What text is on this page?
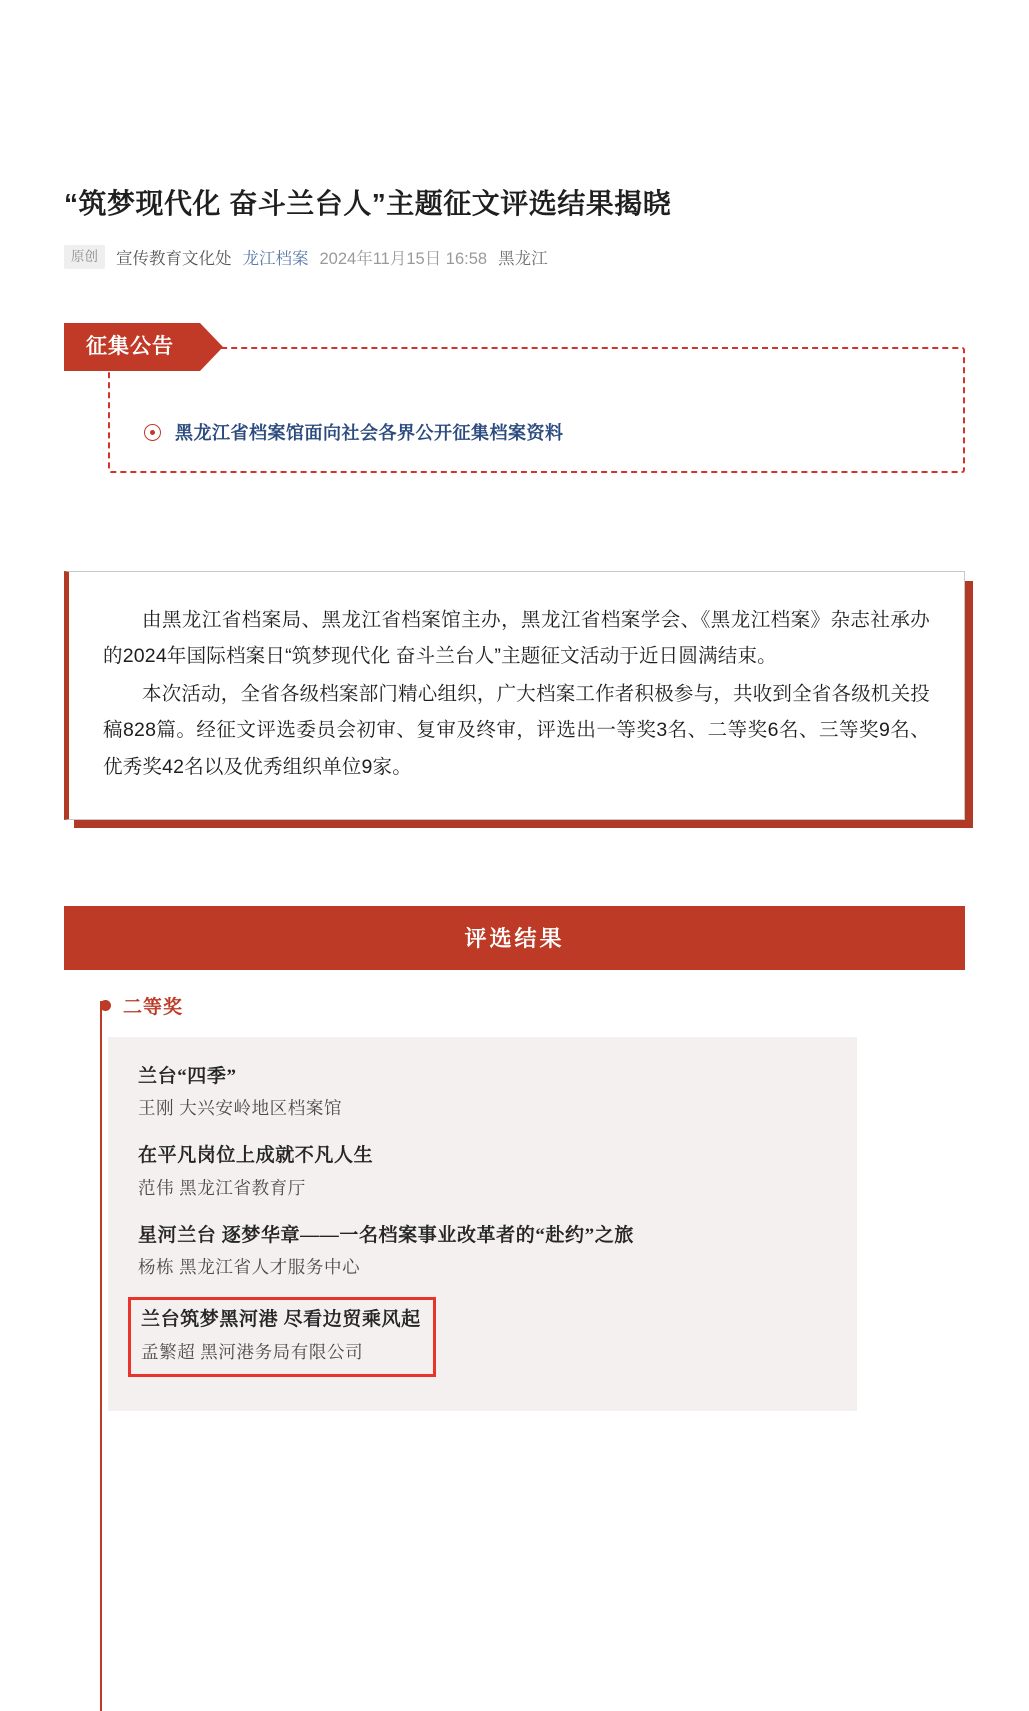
“筑梦现代化 奋斗兰台人”主题征文评选结果揭晓
原创	宣传教育文化处 龙江档案 2024年11月15日 16:58 黑龙江
征集公告
黑龙江省档案馆面向社会各界公开征集档案资料

由黑龙江省档案局、黑龙江省档案馆主办，黑龙江省档案学会、《黑龙江档案》杂志社承办的2024年国际档案日“筑梦现代化 奋斗兰台人”主题征文活动于近日圆满结束。

本次活动，全省各级档案部门精心组织，广大档案工作者积极参与，共收到全省各级机关投稿828篇。经征文评选委员会初审、复审及终审，评选出一等奖3名、二等奖6名、三等奖9名、优秀奖42名以及优秀组织单位9家。

评选结果
二等奖
兰台“四季”
王刚 大兴安岭地区档案馆
在平凡岗位上成就不凡人生
范伟 黑龙江省教育厅
星河兰台 逐梦华章——一名档案事业改革者的“赴约”之旅
杨栋 黑龙江省人才服务中心
兰台筑梦黑河港 尽看边贸乘风起
孟繁超 黑河港务局有限公司
